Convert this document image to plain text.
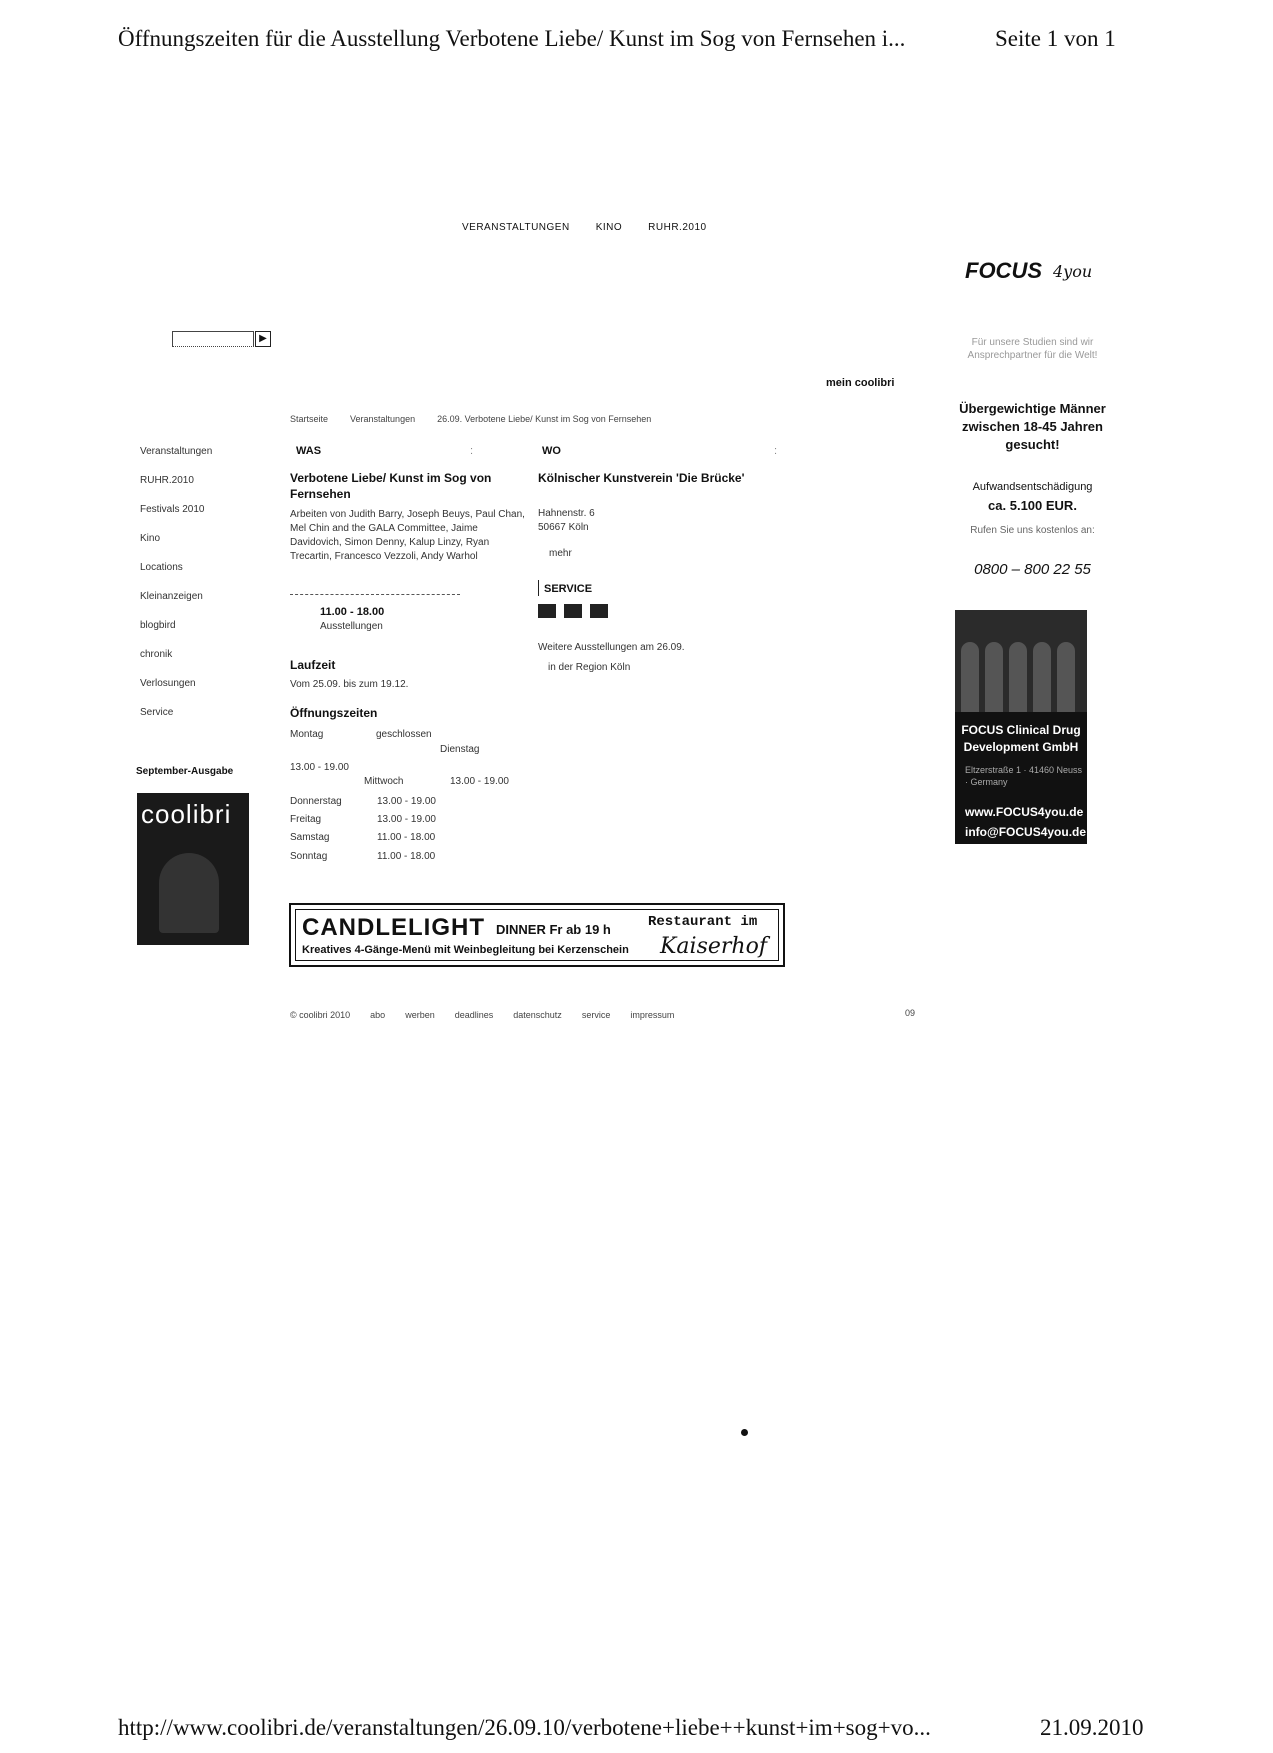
Öffnungszeiten für die Ausstellung Verbotene Liebe/ Kunst im Sog von Fernsehen i...	Seite 1 von 1
VERANSTALTUNGEN	KINO	RUHR.2010
▶
mein coolibri
Startseite Veranstaltungen 26.09. Verbotene Liebe/ Kunst im Sog von Fernsehen
Veranstaltungen
RUHR.2010
Festivals 2010
Kino
Locations
Kleinanzeigen
blogbird
chronik
Verlosungen
Service
September-Ausgabe
coolibri
WAS	:
Verbotene Liebe/ Kunst im Sog von Fernsehen
Arbeiten von Judith Barry, Joseph Beuys, Paul Chan, Mel Chin and the GALA Committee, Jaime Davidovich, Simon Denny, Kalup Linzy, Ryan Trecartin, Francesco Vezzoli, Andy Warhol
11.00 - 18.00
Ausstellungen
Laufzeit
Vom 25.09. bis zum 19.12.
Öffnungszeiten
Montag	geschlossen
Dienstag
13.00 - 19.00
Mittwoch	13.00 - 19.00
Donnerstag	13.00 - 19.00
Freitag	13.00 - 19.00
Samstag	11.00 - 18.00
Sonntag	11.00 - 18.00
WO	:
Kölnischer Kunstverein 'Die Brücke'
Hahnenstr. 6
50667 Köln
mehr
SERVICE
Weitere Ausstellungen am 26.09.
in der Region Köln
CANDLELIGHT DINNER Fr ab 19 h
Kreatives 4-Gänge-Menü mit Weinbegleitung bei Kerzenschein
Restaurant im
Kaiserhof
© coolibri 2010 abo werben deadlines datenschutz service impressum	09
FOCUS 4you
Für unsere Studien sind wir Ansprechpartner für die Welt!
Übergewichtige Männer zwischen 18-45 Jahren gesucht!
Aufwandsentschädigung
ca. 5.100 EUR.
Rufen Sie uns kostenlos an:
0800 – 800 22 55
FOCUS Clinical Drug Development GmbH
Eltzerstraße 1 · 41460 Neuss · Germany
www.FOCUS4you.de
info@FOCUS4you.de
http://www.coolibri.de/veranstaltungen/26.09.10/verbotene+liebe++kunst+im+sog+vo...	21.09.2010
